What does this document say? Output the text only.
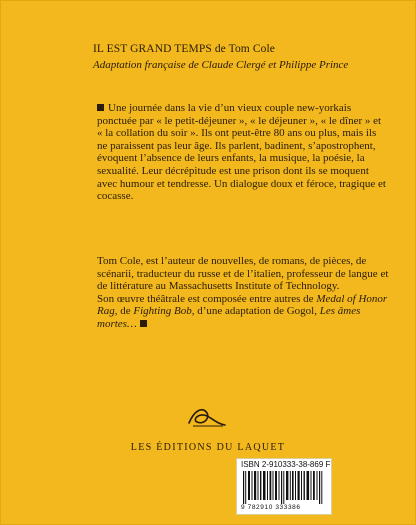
IL EST GRAND TEMPS de Tom Cole
Adaptation française de Claude Clergé et Philippe Prince

Une journée dans la vie d’un vieux couple new-yorkais ponctuée par « le petit-déjeuner », « le déjeuner », « le dîner » et « la collation du soir ». Ils ont peut-être 80 ans ou plus, mais ils ne paraissent pas leur âge. Ils parlent, badinent, s’apostrophent, évoquent l’absence de leurs enfants, la musique, la poésie, la sexualité. Leur décrépitude est une prison dont ils se moquent avec humour et tendresse. Un dialogue doux et féroce, tragique et cocasse.

Tom Cole, est l’auteur de nouvelles, de romans, de pièces, de scénarii, traducteur du russe et de l’italien, professeur de langue et de littérature au Massachusetts Institute of Technology.

Son œuvre théâtrale est composée entre autres de Medal of Honor Rag, de Fighting Bob, d’une adaptation de Gogol, Les âmes mortes…

LES ÉDITIONS DU LAQUET
ISBN 2-910333-38-8 69 F
9 782910 333386
